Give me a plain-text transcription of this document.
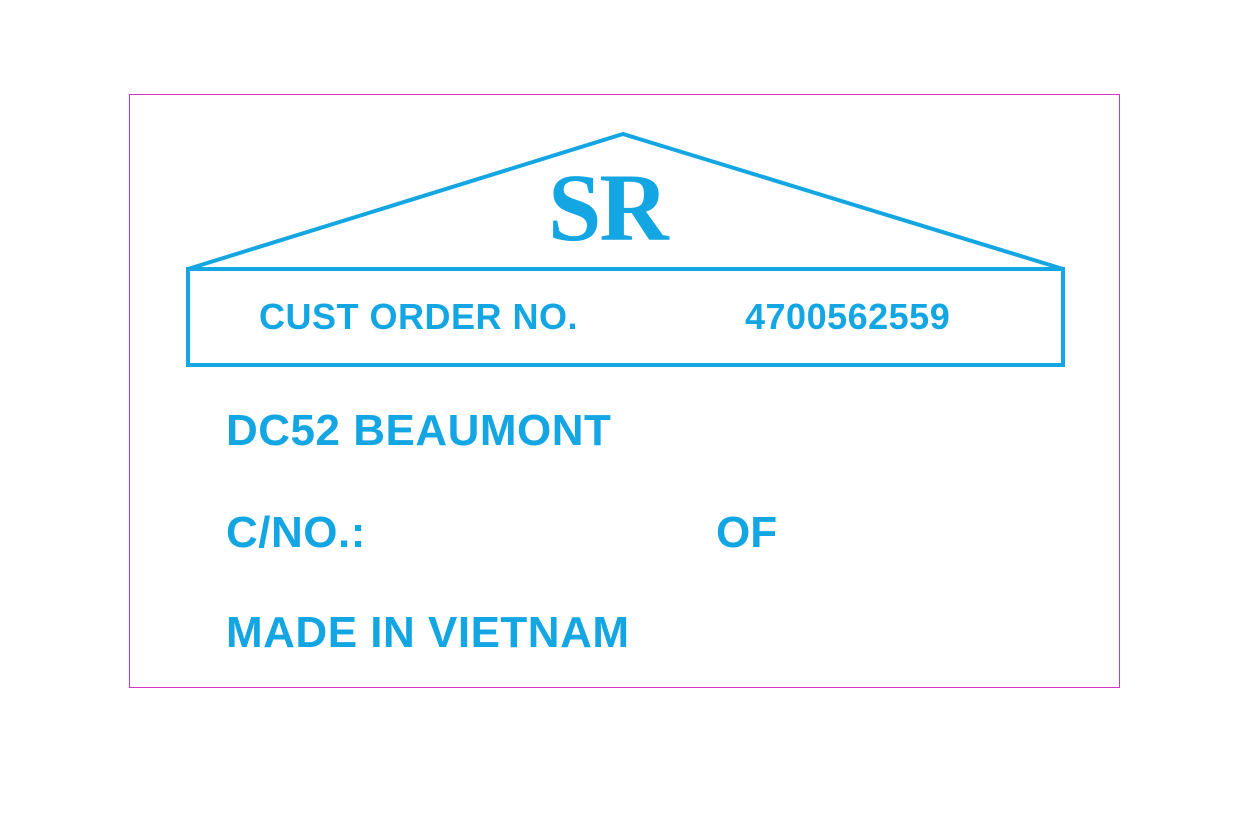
SR
CUST ORDER NO.	4700562559
DC52 BEAUMONT
C/NO.:	OF
MADE IN VIETNAM
